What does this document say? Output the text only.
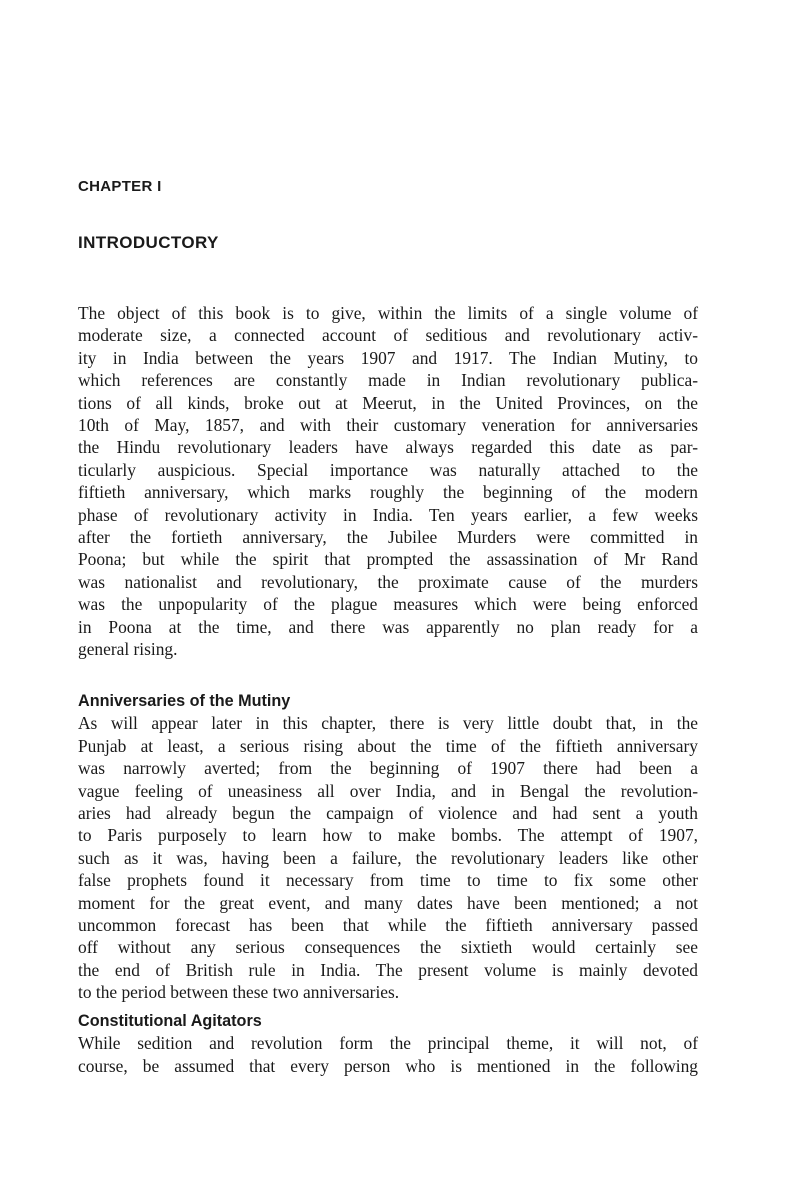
CHAPTER I
INTRODUCTORY

The object of this book is to give, within the limits of a single volume of
moderate size, a connected account of seditious and revolutionary activ-
ity in India between the years 1907 and 1917. The Indian Mutiny, to
which references are constantly made in Indian revolutionary publica-
tions of all kinds, broke out at Meerut, in the United Provinces, on the
10th of May, 1857, and with their customary veneration for anniversaries
the Hindu revolutionary leaders have always regarded this date as par-
ticularly auspicious. Special importance was naturally attached to the
fiftieth anniversary, which marks roughly the beginning of the modern
phase of revolutionary activity in India. Ten years earlier, a few weeks
after the fortieth anniversary, the Jubilee Murders were committed in
Poona; but while the spirit that prompted the assassination of Mr Rand
was nationalist and revolutionary, the proximate cause of the murders
was the unpopularity of the plague measures which were being enforced
in Poona at the time, and there was apparently no plan ready for a
general rising.

Anniversaries of the Mutiny

As will appear later in this chapter, there is very little doubt that, in the
Punjab at least, a serious rising about the time of the fiftieth anniversary
was narrowly averted; from the beginning of 1907 there had been a
vague feeling of uneasiness all over India, and in Bengal the revolution-
aries had already begun the campaign of violence and had sent a youth
to Paris purposely to learn how to make bombs. The attempt of 1907,
such as it was, having been a failure, the revolutionary leaders like other
false prophets found it necessary from time to time to fix some other
moment for the great event, and many dates have been mentioned; a not
uncommon forecast has been that while the fiftieth anniversary passed
off without any serious consequences the sixtieth would certainly see
the end of British rule in India. The present volume is mainly devoted
to the period between these two anniversaries.

Constitutional Agitators

While sedition and revolution form the principal theme, it will not, of
course, be assumed that every person who is mentioned in the following
